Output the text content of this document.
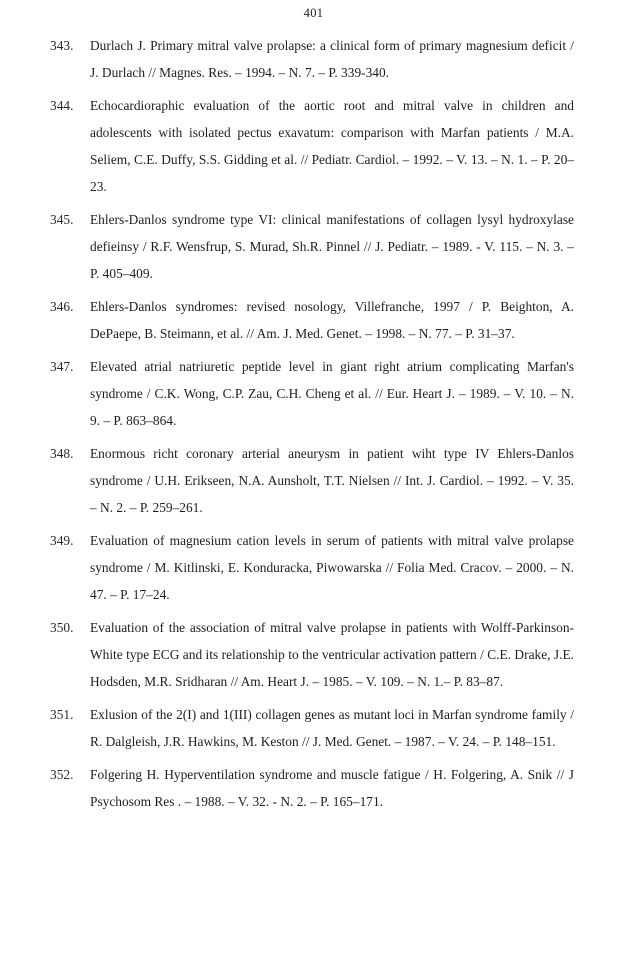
401
343.	Durlach J. Primary mitral valve prolapse: a clinical form of primary magnesium deficit / J. Durlach // Magnes. Res. – 1994. – N. 7. – P. 339-340.
344.	Echocardioraphic evaluation of the aortic root and mitral valve in children and adolescents with isolated pectus exavatum: comparison with Marfan patients / M.A. Seliem, C.E. Duffy, S.S. Gidding et al. // Pediatr. Cardiol. – 1992. – V. 13. – N. 1. – P. 20–23.
345.	Ehlers-Danlos syndrome type VI: clinical manifestations of collagen lysyl hydroxylase defieinsy / R.F. Wensfrup, S. Murad, Sh.R. Pinnel // J. Pediatr. – 1989. - V. 115. – N. 3. – P. 405–409.
346.	Ehlers-Danlos syndromes: revised nosology, Villefranche, 1997 / P. Beighton, A. DePaepe, B. Steimann, et al. // Am. J. Med. Genet. – 1998. – N. 77. – P. 31–37.
347.	Elevated atrial natriuretic peptide level in giant right atrium complicating Marfan's syndrome / C.K. Wong, C.P. Zau, C.H. Cheng et al. // Eur. Heart J. – 1989. – V. 10. – N. 9. – P. 863–864.
348.	Enormous richt coronary arterial aneurysm in patient wiht type IV Ehlers-Danlos syndrome / U.H. Erikseen, N.A. Aunsholt, T.T. Nielsen // Int. J. Cardiol. – 1992. – V. 35. – N. 2. – P. 259–261.
349.	Evaluation of magnesium cation levels in serum of patients with mitral valve prolapse syndrome / M. Kitlinski, E. Konduracka, Piwowarska // Folia Med. Cracov. – 2000. – N. 47. – P. 17–24.
350.	Evaluation of the association of mitral valve prolapse in patients with Wolff-Parkinson-White type ECG and its relationship to the ventricular activation pattern / C.E. Drake, J.E. Hodsden, M.R. Sridharan // Am. Heart J. – 1985. – V. 109. – N. 1.– P. 83–87.
351.	Exlusion of the 2(I) and 1(III) collagen genes as mutant loci in Marfan syndrome family / R. Dalgleish, J.R. Hawkins, M. Keston // J. Med. Genet. – 1987. – V. 24. – P. 148–151.
352.	Folgering H. Hyperventilation syndrome and muscle fatigue / H. Folgering, A. Snik // J Psychosom Res . – 1988. – V. 32. - N. 2. – P. 165–171.
